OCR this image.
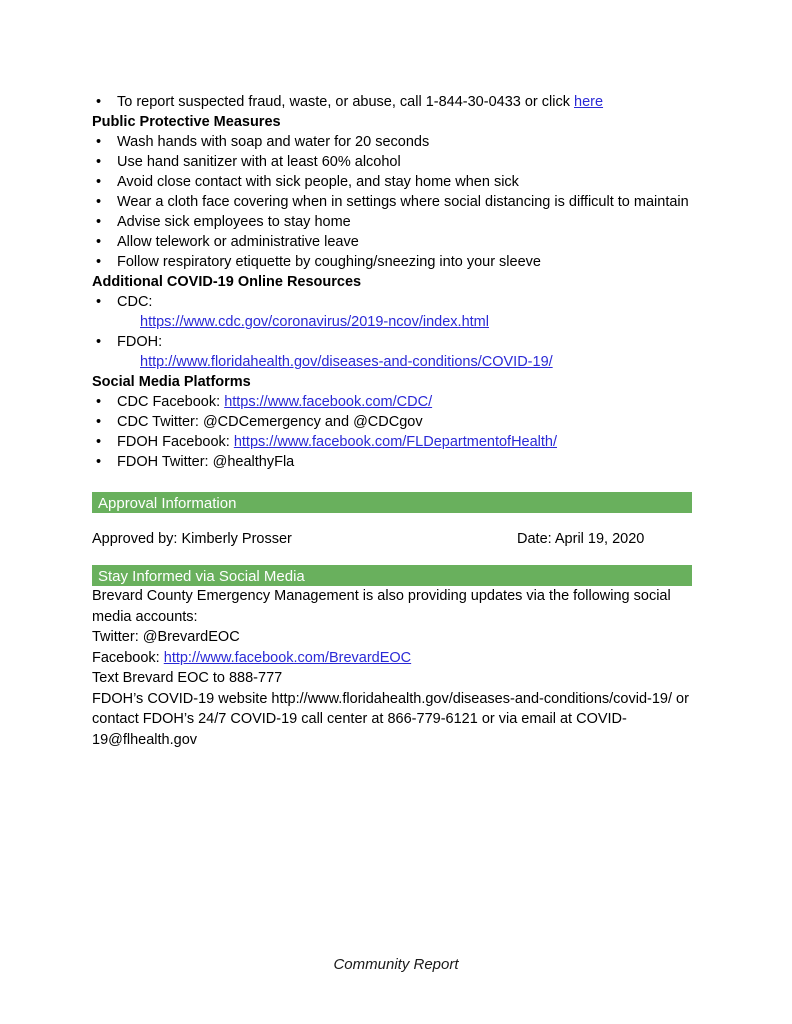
• To report suspected fraud, waste, or abuse, call 1-844-30-0433 or click here
Public Protective Measures
• Wash hands with soap and water for 20 seconds
• Use hand sanitizer with at least 60% alcohol
• Avoid close contact with sick people, and stay home when sick
• Wear a cloth face covering when in settings where social distancing is difficult to maintain
• Advise sick employees to stay home
• Allow telework or administrative leave
• Follow respiratory etiquette by coughing/sneezing into your sleeve
Additional COVID-19 Online Resources
• CDC:
https://www.cdc.gov/coronavirus/2019-ncov/index.html
• FDOH:
http://www.floridahealth.gov/diseases-and-conditions/COVID-19/
Social Media Platforms
• CDC Facebook: https://www.facebook.com/CDC/
• CDC Twitter: @CDCemergency and @CDCgov
• FDOH Facebook: https://www.facebook.com/FLDepartmentofHealth/
• FDOH Twitter: @healthyFla
Approval Information
Approved by: Kimberly Prosser	Date: April 19, 2020
Stay Informed via Social Media
Brevard County Emergency Management is also providing updates via the following social
media accounts:
Twitter: @BrevardEOC
Facebook: http://www.facebook.com/BrevardEOC
Text Brevard EOC to 888-777
FDOH’s COVID-19 website http://www.floridahealth.gov/diseases-and-conditions/covid-19/ or contact FDOH’s 24/7 COVID-19 call center at 866-779-6121 or via email at COVID-19@flhealth.gov
Community Report
